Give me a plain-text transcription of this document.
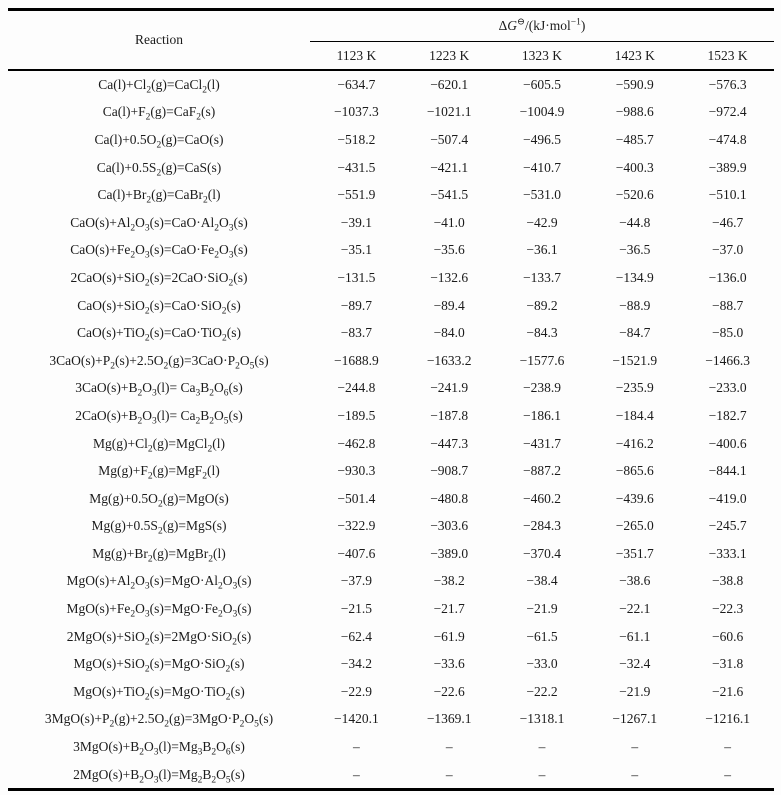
Reaction	ΔG⊖/(kJ·mol$^{-1}$)				
	1123 K	1223 K	1323 K	1423 K	1523 K
$Ca(l)+Cl_2(g)=CaCl_2(l)$	−634.7	−620.1	−605.5	−590.9	−576.3
$Ca(l)+F_2(g)=CaF_2(s)$	−1037.3	−1021.1	−1004.9	−988.6	−972.4
$Ca(l)+0.5O_2(g)=CaO(s)$	−518.2	−507.4	−496.5	−485.7	−474.8
$Ca(l)+0.5S_2(g)=CaS(s)$	−431.5	−421.1	−410.7	−400.3	−389.9
$Ca(l)+Br_2(g)=CaBr_2(l)$	−551.9	−541.5	−531.0	−520.6	−510.1
$CaO(s)+Al_2O_3(s)=CaO\cdot Al_2O_3(s)$	−39.1	−41.0	−42.9	−44.8	−46.7
$CaO(s)+Fe_2O_3(s)=CaO\cdot Fe_2O_3(s)$	−35.1	−35.6	−36.1	−36.5	−37.0
2CaO(s)+SiO$_2$(s)=2CaO·SiO$_2$(s)	−131.5	−132.6	−133.7	−134.9	−136.0
CaO(s)+SiO$_2$(s)=CaO·SiO$_2$(s)	−89.7	−89.4	−89.2	−88.9	−88.7
CaO(s)+TiO$_2$(s)=CaO·TiO$_2$(s)	−83.7	−84.0	−84.3	−84.7	−85.0
$3CaO(s)+P_2(s)+2.5O_2(g)=3CaO\cdot P_2O_5(s)$	−1688.9	−1633.2	−1577.6	−1521.9	−1466.3
$3CaO(s)+B_2O_3(l)= Ca_3B_2O_6(s)$	−244.8	−241.9	−238.9	−235.9	−233.0
$2CaO(s)+B_2O_3(l)= Ca_2B_2O_5(s)$	−189.5	−187.8	−186.1	−184.4	−182.7
$Mg(g)+Cl_2(g)=MgCl_2(l)$	−462.8	−447.3	−431.7	−416.2	−400.6
$Mg(g)+F_2(g)=MgF_2(l)$	−930.3	−908.7	−887.2	−865.6	−844.1
$Mg(g)+0.5O_2(g)=MgO(s)$	−501.4	−480.8	−460.2	−439.6	−419.0
$Mg(g)+0.5S_2(g)=MgS(s)$	−322.9	−303.6	−284.3	−265.0	−245.7
$Mg(g)+Br_2(g)=MgBr_2(l)$	−407.6	−389.0	−370.4	−351.7	−333.1
$MgO(s)+Al_2O_3(s)=MgO\cdot Al_2O_3(s)$	−37.9	−38.2	−38.4	−38.6	−38.8
$MgO(s)+Fe_2O_3(s)=MgO\cdot Fe_2O_3(s)$	−21.5	−21.7	−21.9	−22.1	−22.3
2MgO(s)+SiO$_2$(s)=2MgO·SiO$_2$(s)	−62.4	−61.9	−61.5	−61.1	−60.6
MgO(s)+SiO$_2$(s)=MgO·SiO$_2$(s)	−34.2	−33.6	−33.0	−32.4	−31.8
MgO(s)+TiO$_2$(s)=MgO·TiO$_2$(s)	−22.9	−22.6	−22.2	−21.9	−21.6
$3MgO(s)+P_2(g)+2.5O_2(g)=3MgO\cdot P_2O_5(s)$	−1420.1	−1369.1	−1318.1	−1267.1	−1216.1
$3MgO(s)+B_2O_3(l)=Mg_3B_2O_6(s)$	–	–	–	–	–
$2MgO(s)+B_2O_3(l)=Mg_2B_2O_5(s)$	–	–	–	–	–
